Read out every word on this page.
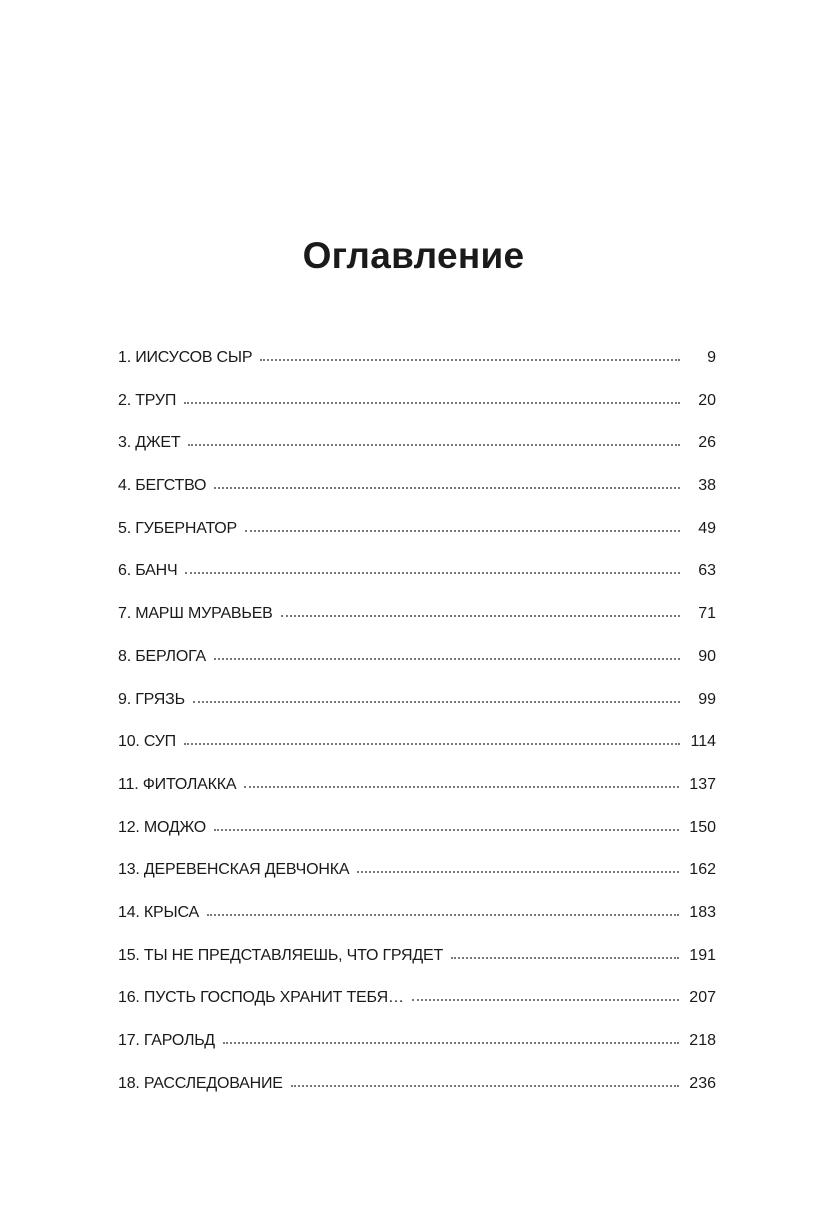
Оглавление
1. ИИСУСОВ СЫР	9
2. ТРУП	20
3. ДЖЕТ	26
4. БЕГСТВО	38
5. ГУБЕРНАТОР	49
6. БАНЧ	63
7. МАРШ МУРАВЬЕВ	71
8. БЕРЛОГА	90
9. ГРЯЗЬ	99
10. СУП	114
11. ФИТОЛАККА	137
12. МОДЖО	150
13. ДЕРЕВЕНСКАЯ ДЕВЧОНКА	162
14. КРЫСА	183
15. ТЫ НЕ ПРЕДСТАВЛЯЕШЬ, ЧТО ГРЯДЕТ	191
16. ПУСТЬ ГОСПОДЬ ХРАНИТ ТЕБЯ…	207
17. ГАРОЛЬД	218
18. РАССЛЕДОВАНИЕ	236
